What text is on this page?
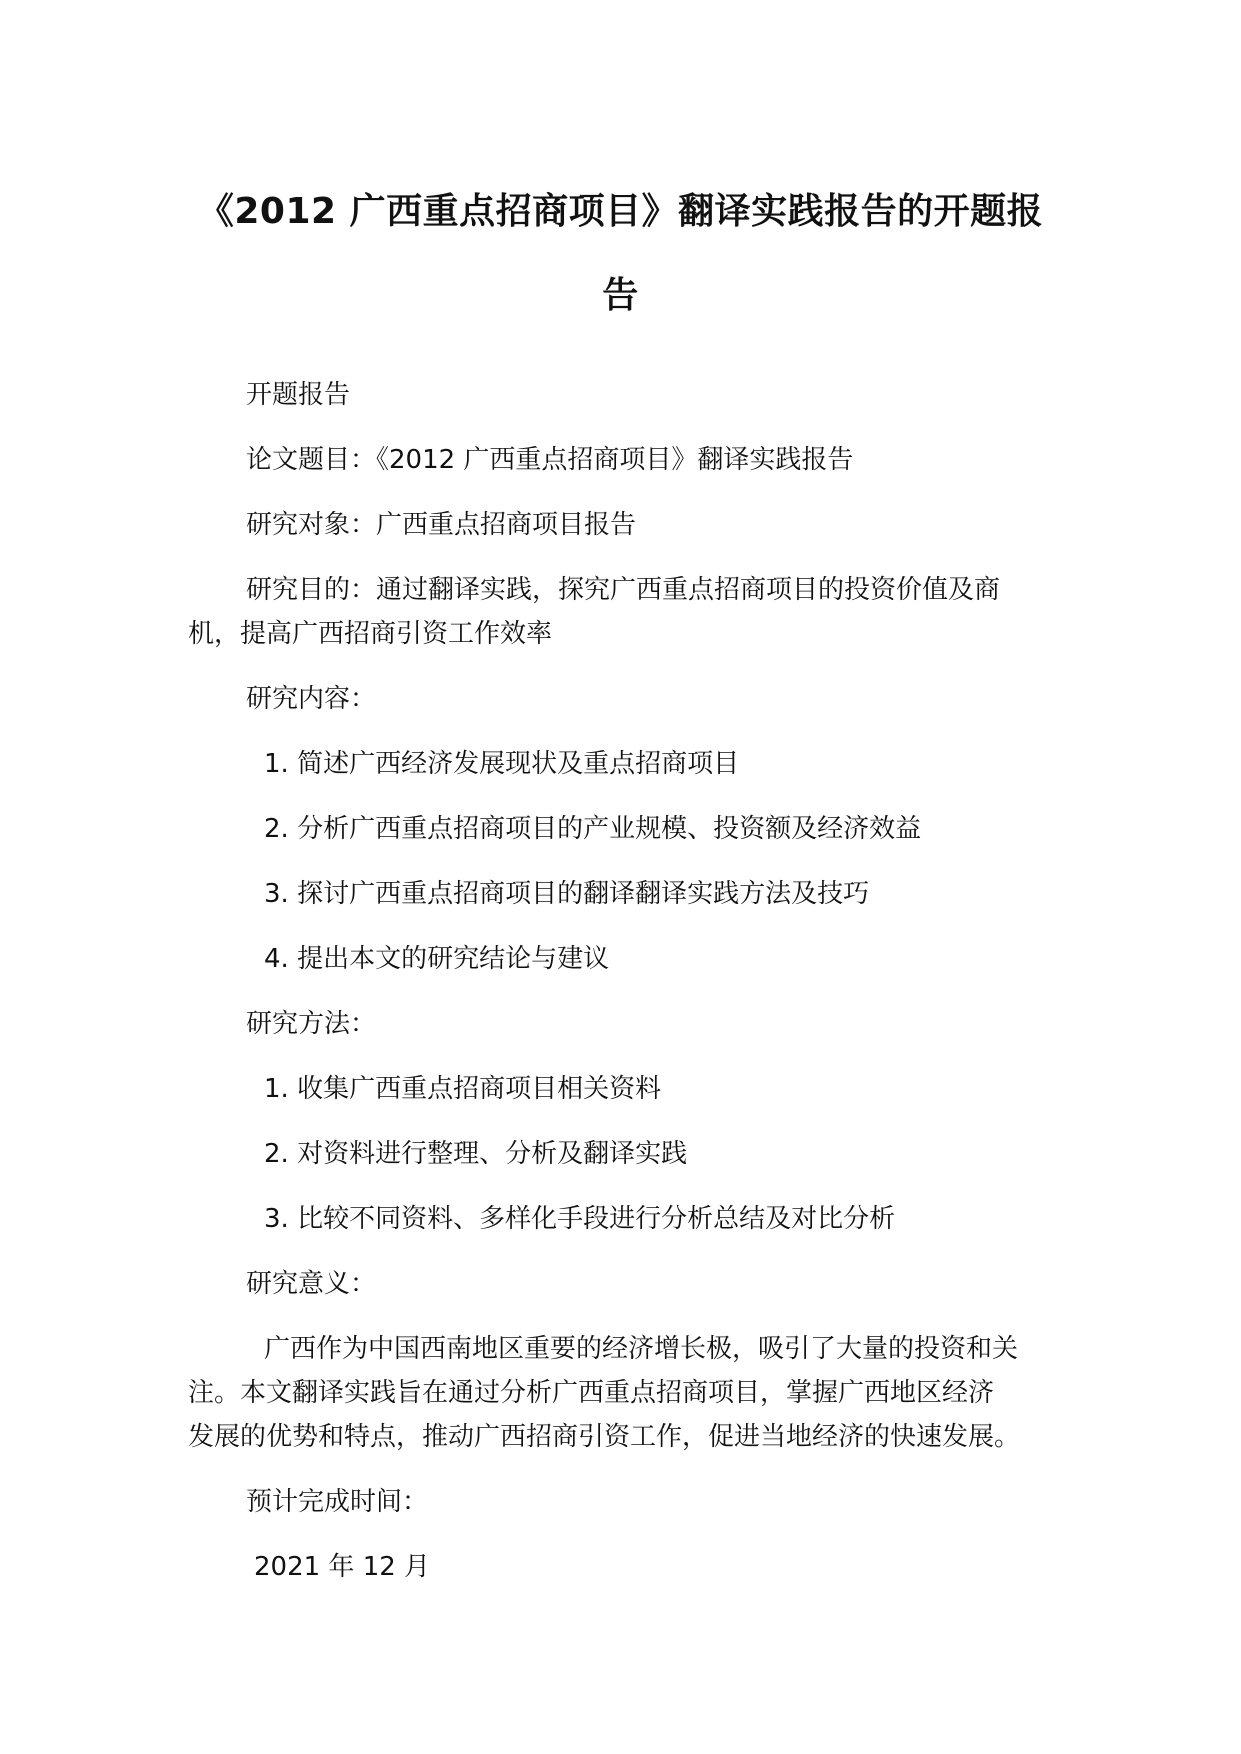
《2012 广西重点招商项目》翻译实践报告的开题报
告

开题报告

论文题目：《2012 广西重点招商项目》翻译实践报告

研究对象：广西重点招商项目报告

研究目的：通过翻译实践，探究广西重点招商项目的投资价值及商
机，提高广西招商引资工作效率

研究内容：

1. 简述广西经济发展现状及重点招商项目

2. 分析广西重点招商项目的产业规模、投资额及经济效益

3. 探讨广西重点招商项目的翻译翻译实践方法及技巧

4. 提出本文的研究结论与建议

研究方法：

1. 收集广西重点招商项目相关资料

2. 对资料进行整理、分析及翻译实践

3. 比较不同资料、多样化手段进行分析总结及对比分析

研究意义：

广西作为中国西南地区重要的经济增长极，吸引了大量的投资和关
注。本文翻译实践旨在通过分析广西重点招商项目，掌握广西地区经济
发展的优势和特点，推动广西招商引资工作，促进当地经济的快速发展。

预计完成时间：

2021 年 12 月
